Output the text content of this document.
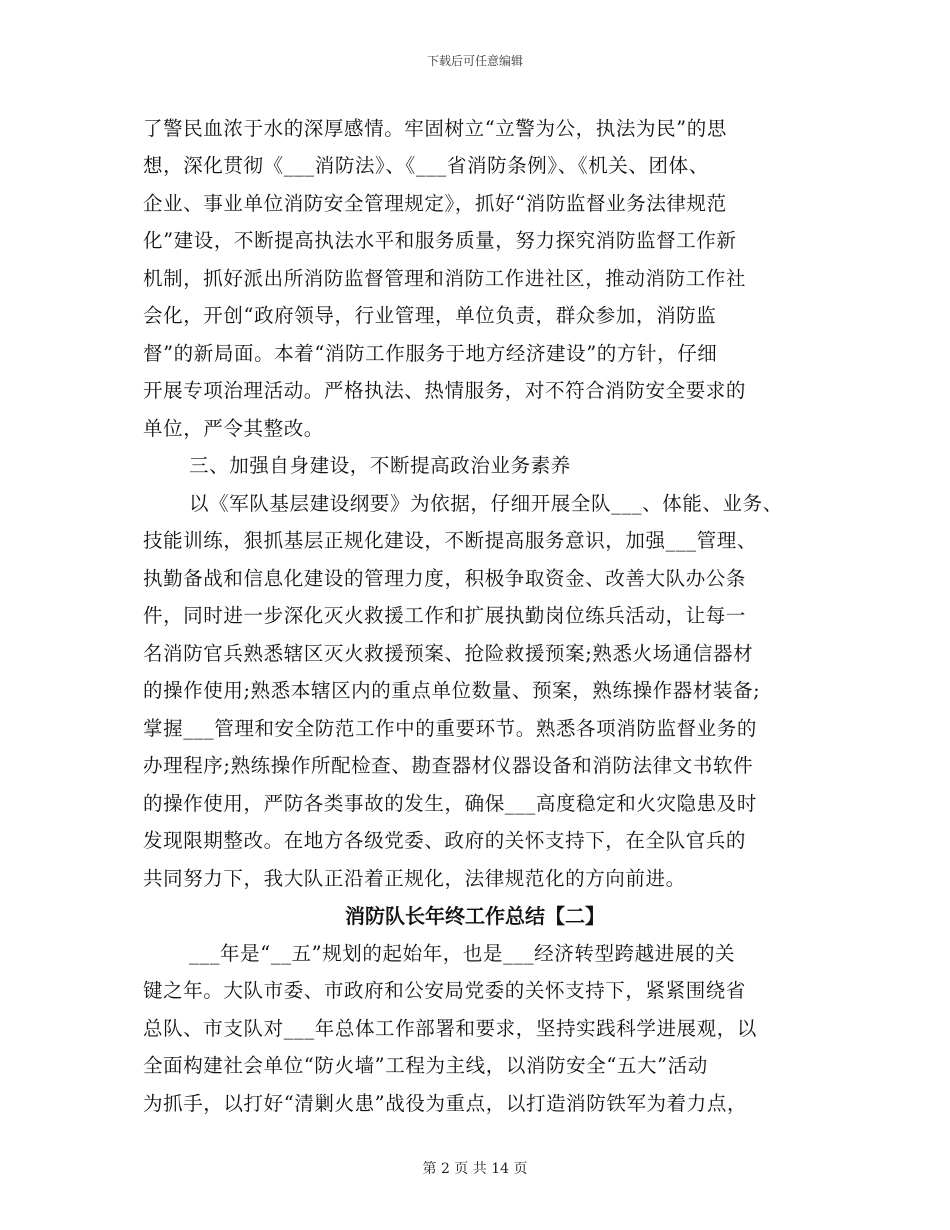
下载后可任意编辑
了警民血浓于水的深厚感情。牢固树立“立警为公，执法为民”的思
想，深化贯彻《___消防法》、《___省消防条例》、《机关、团体、
企业、事业单位消防安全管理规定》，抓好“消防监督业务法律规范
化”建设，不断提高执法水平和服务质量，努力探究消防监督工作新
机制，抓好派出所消防监督管理和消防工作进社区，推动消防工作社
会化，开创“政府领导，行业管理，单位负责，群众参加，消防监
督”的新局面。本着“消防工作服务于地方经济建设”的方针，仔细
开展专项治理活动。严格执法、热情服务，对不符合消防安全要求的
单位，严令其整改。
三、加强自身建设，不断提高政治业务素养
以《军队基层建设纲要》为依据，仔细开展全队___、体能、业务、
技能训练，狠抓基层正规化建设，不断提高服务意识，加强___管理、
执勤备战和信息化建设的管理力度，积极争取资金、改善大队办公条
件，同时进一步深化灭火救援工作和扩展执勤岗位练兵活动，让每一
名消防官兵熟悉辖区灭火救援预案、抢险救援预案;熟悉火场通信器材
的操作使用;熟悉本辖区内的重点单位数量、预案，熟练操作器材装备;
掌握___管理和安全防范工作中的重要环节。熟悉各项消防监督业务的
办理程序;熟练操作所配检查、勘查器材仪器设备和消防法律文书软件
的操作使用，严防各类事故的发生，确保___高度稳定和火灾隐患及时
发现限期整改。在地方各级党委、政府的关怀支持下，在全队官兵的
共同努力下，我大队正沿着正规化，法律规范化的方向前进。
消防队长年终工作总结【二】
___年是“__五”规划的起始年，也是___经济转型跨越进展的关
键之年。大队市委、市政府和公安局党委的关怀支持下，紧紧围绕省
总队、市支队对___年总体工作部署和要求，坚持实践科学进展观，以
全面构建社会单位“防火墙”工程为主线，以消防安全“五大”活动
为抓手，以打好“清剿火患”战役为重点，以打造消防铁军为着力点，
第 2 页 共 14 页
